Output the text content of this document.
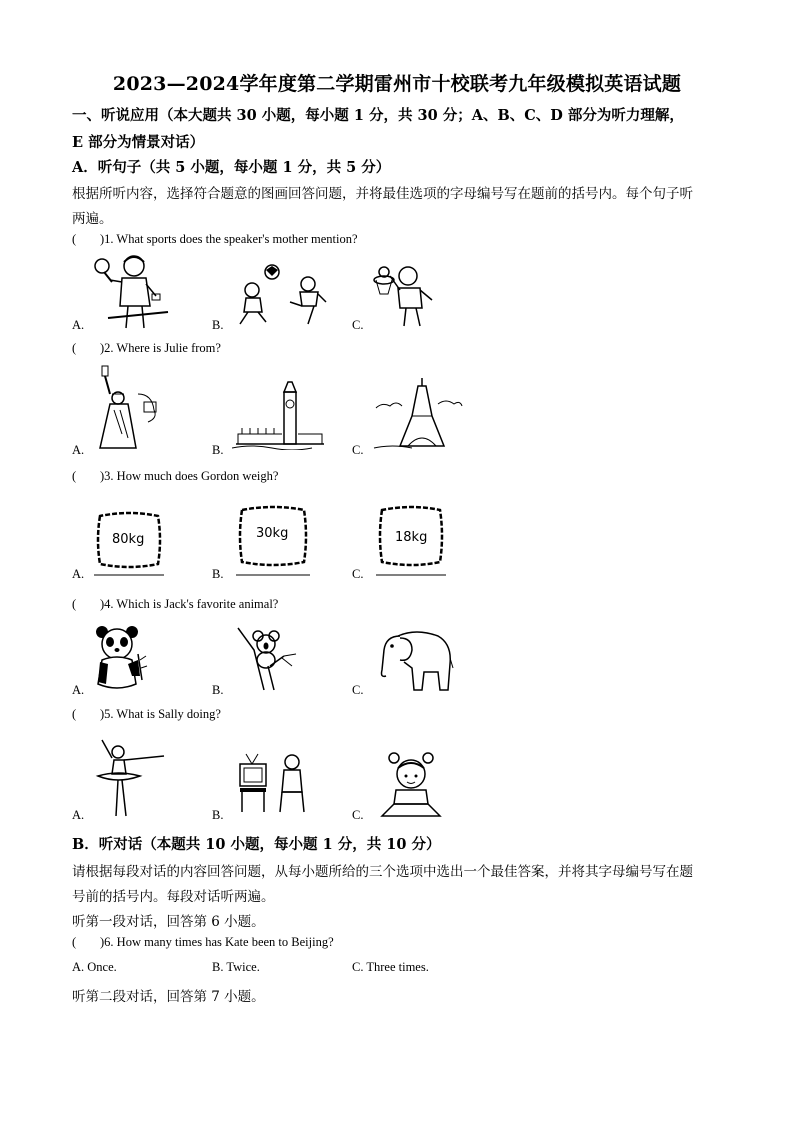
2023—2024学年度第二学期雷州市十校联考九年级模拟英语试题
一、听说应用（本大题共 30 小题，每小题 1 分，共 30 分；A、B、C、D 部分为听力理解，
E 部分为情景对话）
A．听句子（共 5 小题，每小题 1 分，共 5 分）
根据所听内容，选择符合题意的图画回答问题，并将最佳选项的字母编号写在题前的括号内。每个句子听
两遍。
( )1. What sports does the speaker's mother mention?
A.	B.	C.
( )2. Where is Julie from?
A.	B.	C.
( )3. How much does Gordon weigh?
80kg
A.
30kg
B.
18kg
C.
( )4. Which is Jack's favorite animal?
A.	B.	C.
( )5. What is Sally doing?
A.	B.	C.
B．听对话（本题共 10 小题，每小题 1 分，共 10 分）
请根据每段对话的内容回答问题，从每小题所给的三个选项中选出一个最佳答案，并将其字母编号写在题
号前的括号内。每段对话听两遍。
听第一段对话，回答第 6 小题。
( )6. How many times has Kate been to Beijing?
A. Once.	B. Twice.	C. Three times.
听第二段对话，回答第 7 小题。
